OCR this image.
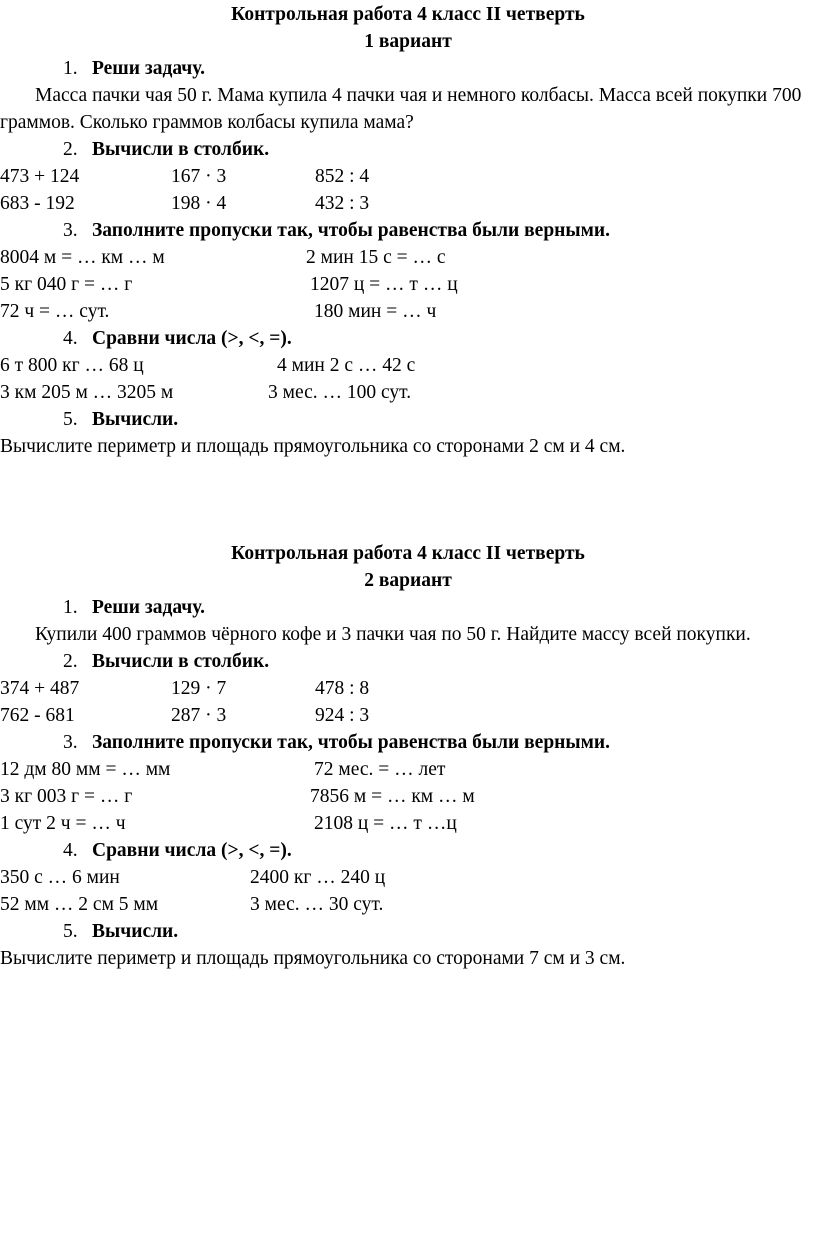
Контрольная работа 4 класс II четверть
1 вариант
1. Реши задачу.
Масса пачки чая 50 г. Мама купила 4 пачки чая и немного колбасы. Масса всей покупки 700 граммов. Сколько граммов колбасы купила мама?
2. Вычисли в столбик.
473 + 124	167 · 3	852 : 4
683 - 192	198 · 4	432 : 3
3. Заполните пропуски так, чтобы равенства были верными.
8004 м = … км … м	2 мин 15 с = … с
5 кг 040 г = … г	1207 ц = … т … ц
72 ч = … сут.	180 мин = … ч
4. Сравни числа (>, <, =).
6 т 800 кг … 68 ц	4 мин 2 с … 42 с
3 км 205 м … 3205 м	3 мес. … 100 сут.
5. Вычисли.
Вычислите периметр и площадь прямоугольника со сторонами 2 см и 4 см.
Контрольная работа 4 класс II четверть
2 вариант
1. Реши задачу.
Купили 400 граммов чёрного кофе и 3 пачки чая по 50 г. Найдите массу всей покупки.
2. Вычисли в столбик.
374 + 487	129 · 7	478 : 8
762 - 681	287 · 3	924 : 3
3. Заполните пропуски так, чтобы равенства были верными.
12 дм 80 мм = … мм	72 мес. = … лет
3 кг 003 г = … г	7856 м = … км … м
1 сут 2 ч = … ч	2108 ц = … т …ц
4. Сравни числа (>, <, =).
350 с … 6 мин	2400 кг … 240 ц
52 мм … 2 см 5 мм	3 мес. … 30 сут.
5. Вычисли.
Вычислите периметр и площадь прямоугольника со сторонами 7 см и 3 см.
